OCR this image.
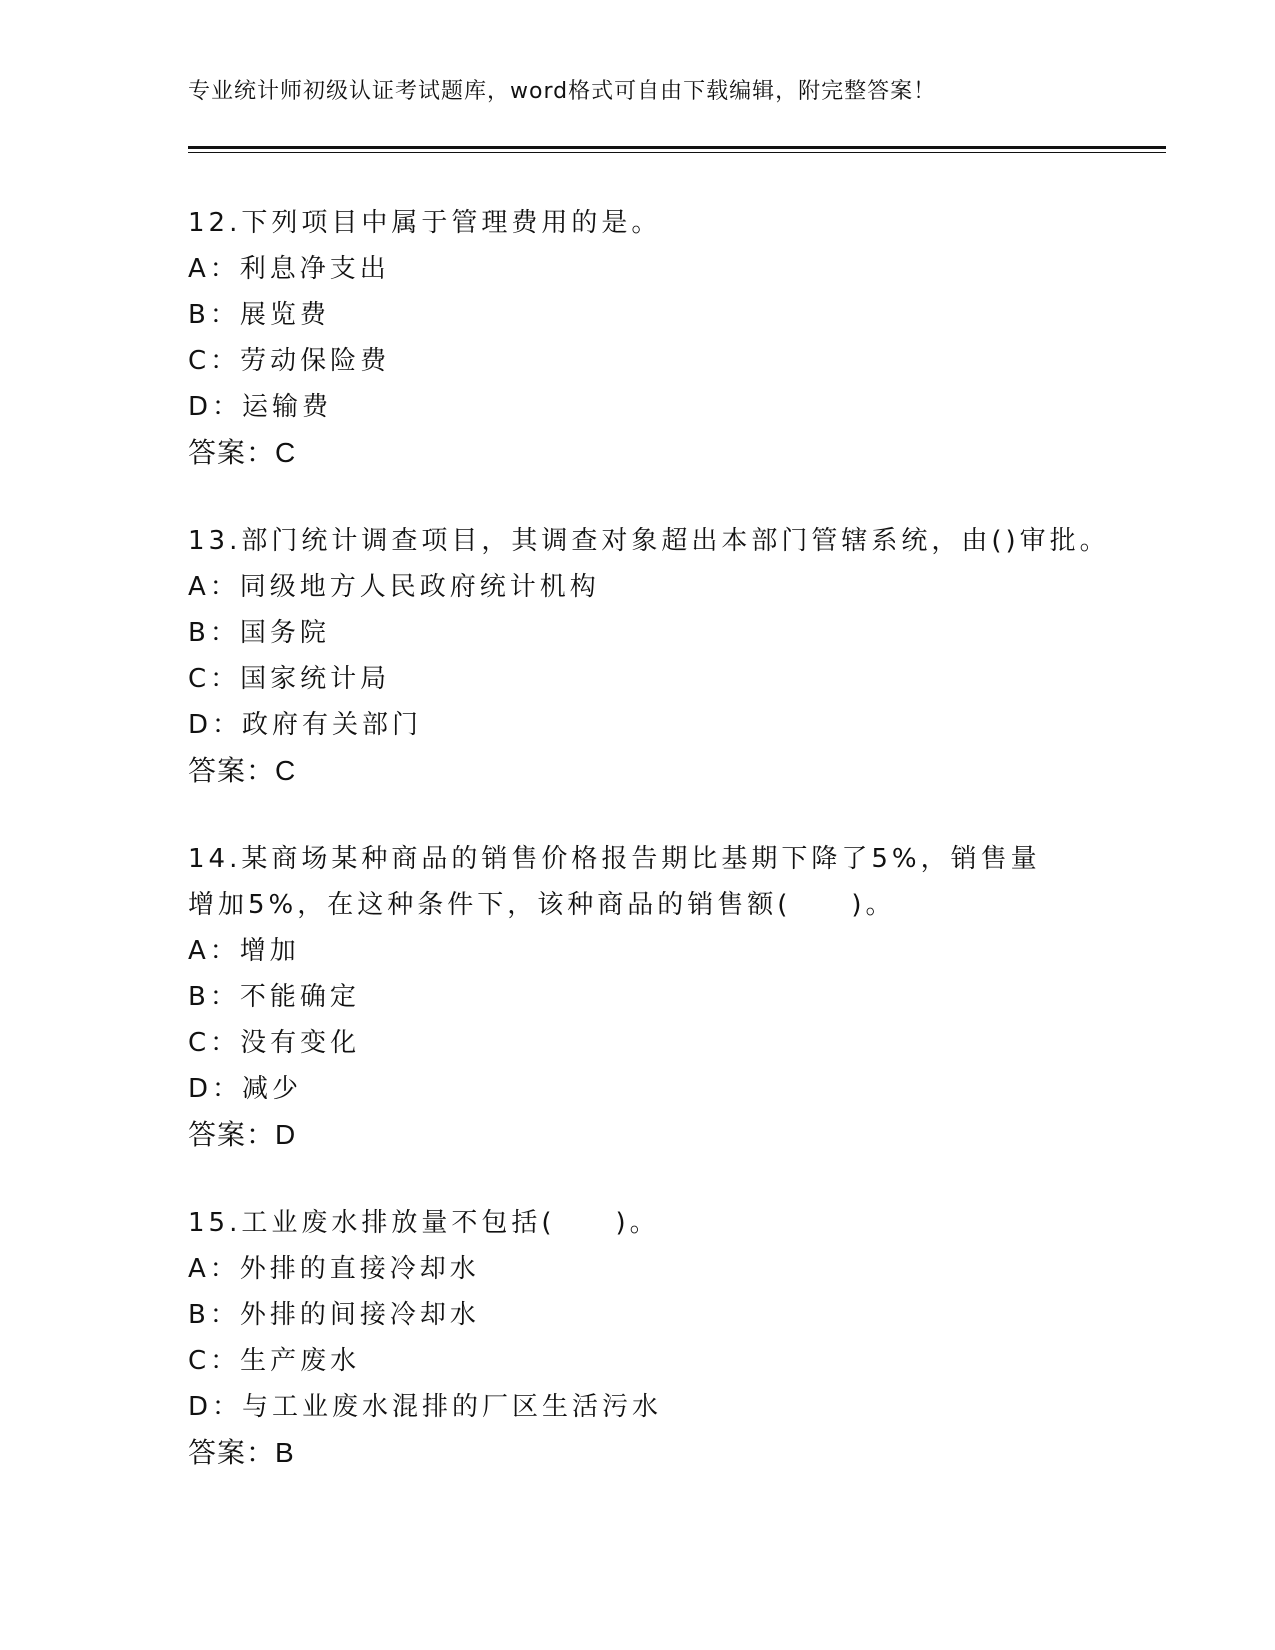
专业统计师初级认证考试题库，word格式可自由下载编辑，附完整答案！
12.下列项目中属于管理费用的是。
A：利息净支出
B：展览费
C：劳动保险费
D：运输费
答案：C
13.部门统计调查项目，其调查对象超出本部门管辖系统，由()审批。
A：同级地方人民政府统计机构
B：国务院
C：国家统计局
D：政府有关部门
答案：C
14.某商场某种商品的销售价格报告期比基期下降了5%，销售量增加5%，在这种条件下，该种商品的销售额(　　)。
A：增加
B：不能确定
C：没有变化
D：减少
答案：D
15.工业废水排放量不包括(　　)。
A：外排的直接冷却水
B：外排的间接冷却水
C：生产废水
D：与工业废水混排的厂区生活污水
答案：B
